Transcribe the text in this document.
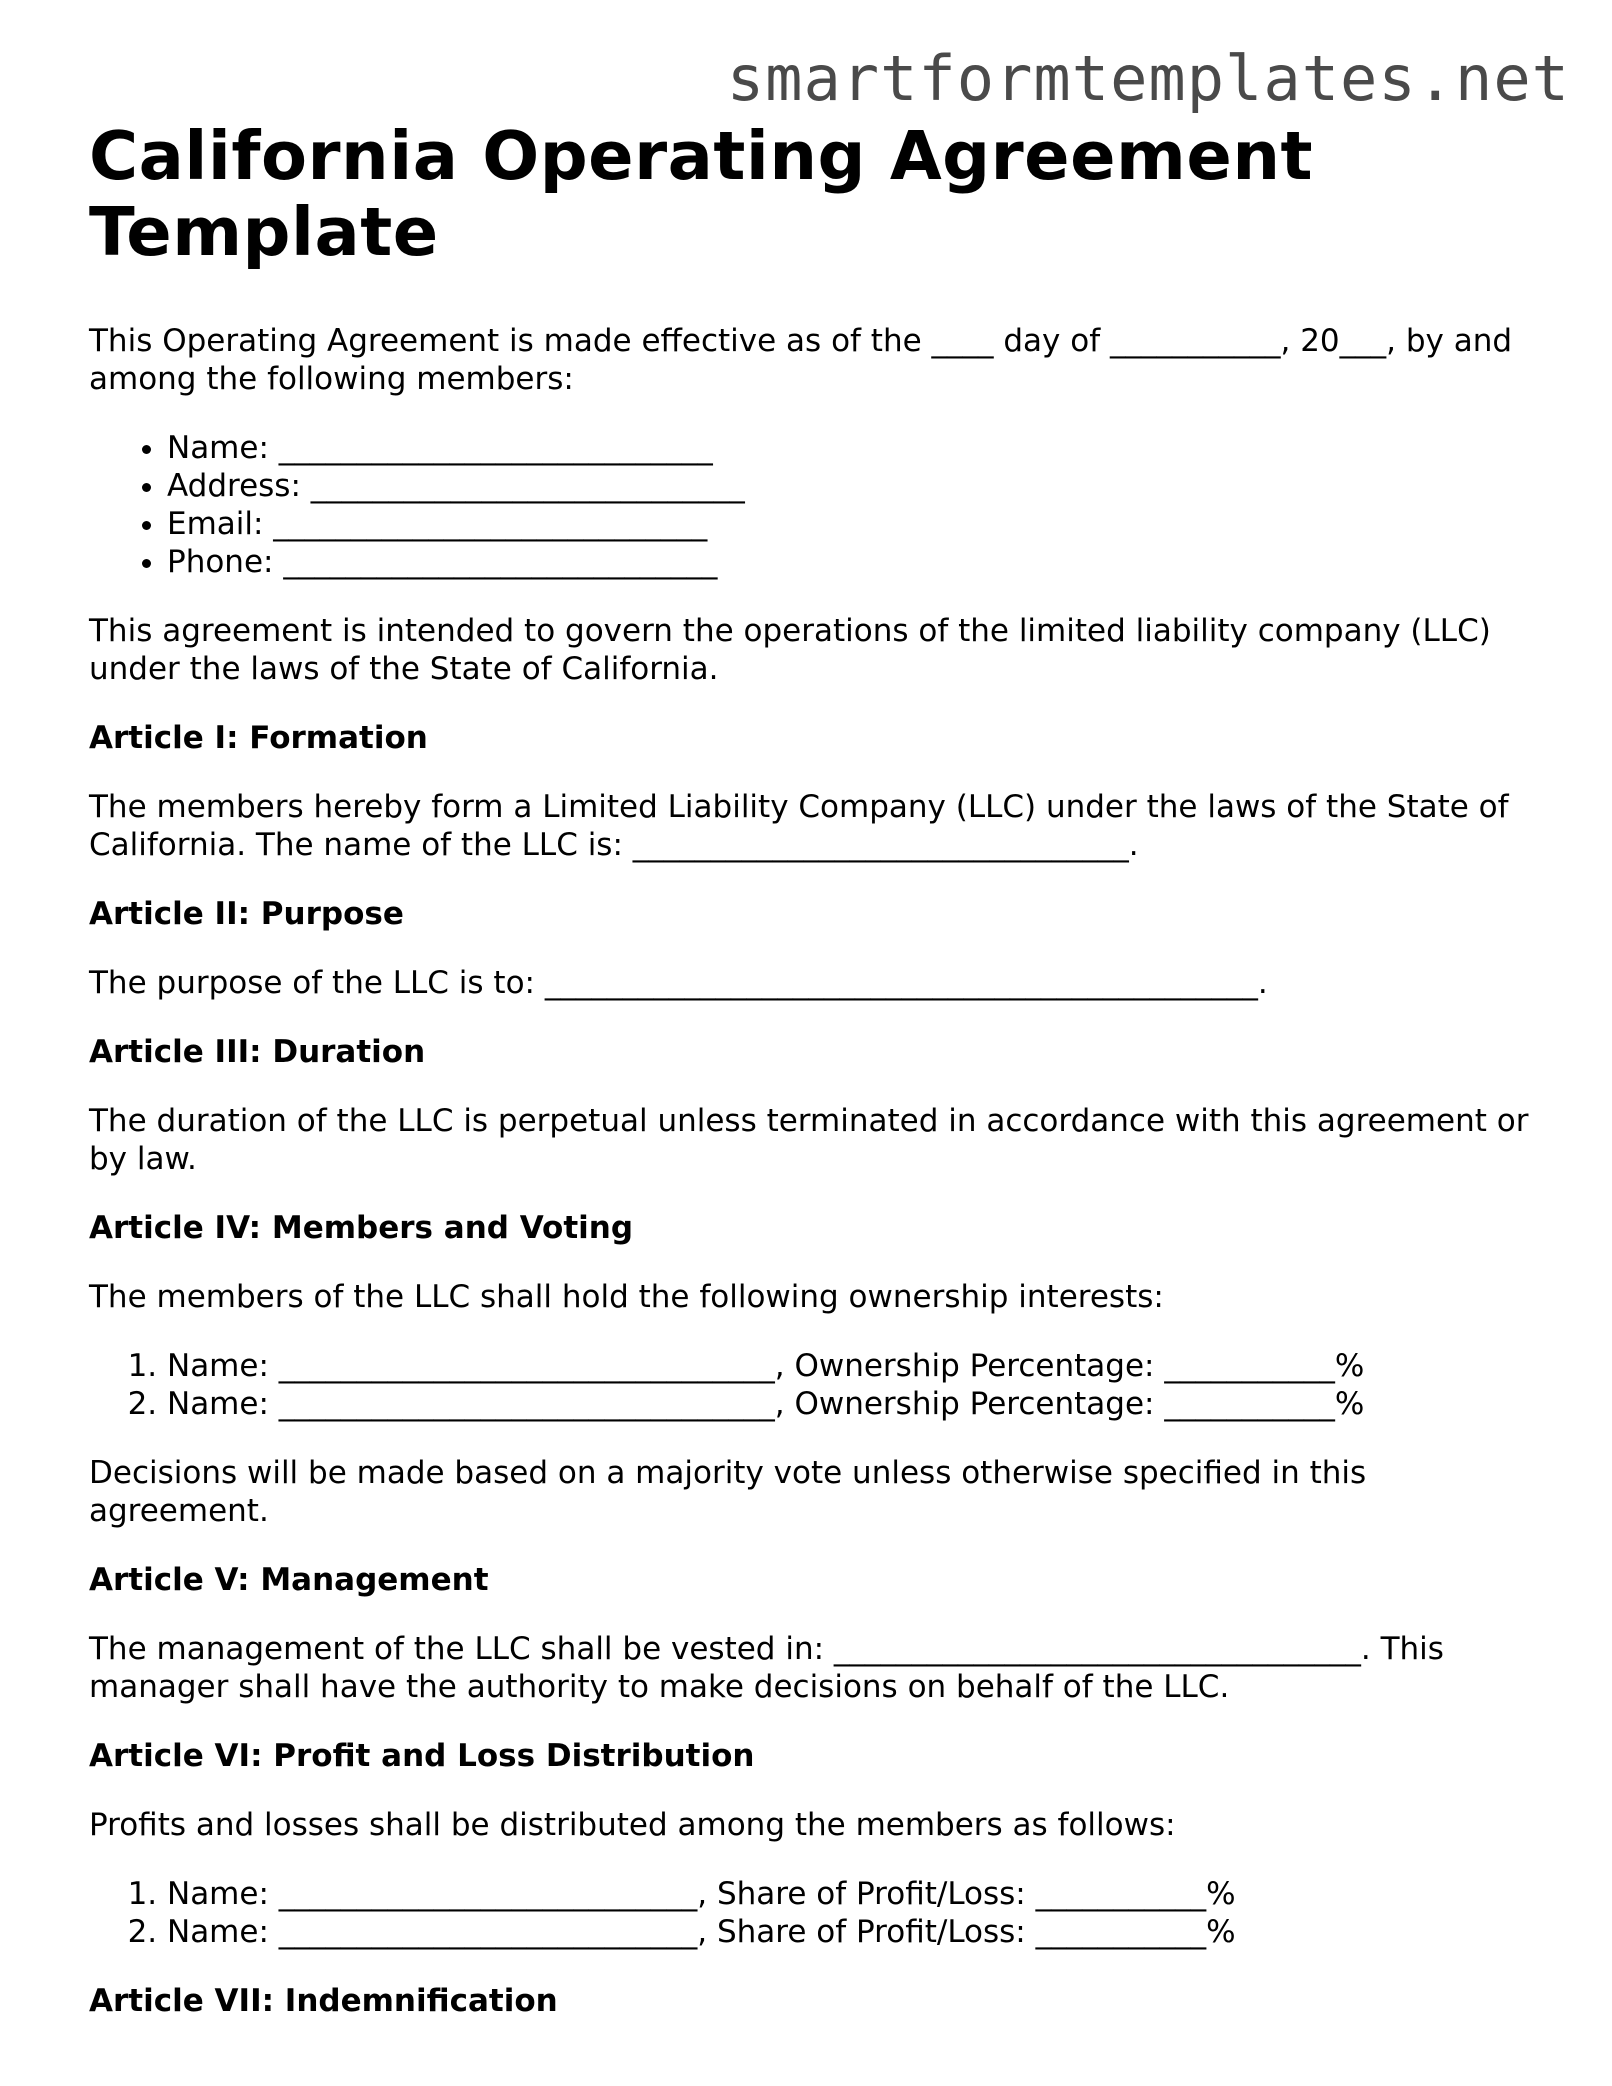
smartformtemplates.net
California Operating Agreement Template

This Operating Agreement is made effective as of the ____ day of ___________, 20___, by and among the following members:

• Name: ____________________________
• Address: ____________________________
• Email: ____________________________
• Phone: ____________________________

This agreement is intended to govern the operations of the limited liability company (LLC) under the laws of the State of California.

Article I: Formation

The members hereby form a Limited Liability Company (LLC) under the laws of the State of California. The name of the LLC is: ________________________________.

Article II: Purpose

The purpose of the LLC is to: ______________________________________________.

Article III: Duration

The duration of the LLC is perpetual unless terminated in accordance with this agreement or by law.

Article IV: Members and Voting

The members of the LLC shall hold the following ownership interests:

1. Name: ________________________________, Ownership Percentage: ___________%
2. Name: ________________________________, Ownership Percentage: ___________%

Decisions will be made based on a majority vote unless otherwise specified in this agreement.

Article V: Management

The management of the LLC shall be vested in: __________________________________. This manager shall have the authority to make decisions on behalf of the LLC.

Article VI: Profit and Loss Distribution

Profits and losses shall be distributed among the members as follows:

1. Name: ___________________________, Share of Profit/Loss: ___________%
2. Name: ___________________________, Share of Profit/Loss: ___________%
Article VII: Indemnification
